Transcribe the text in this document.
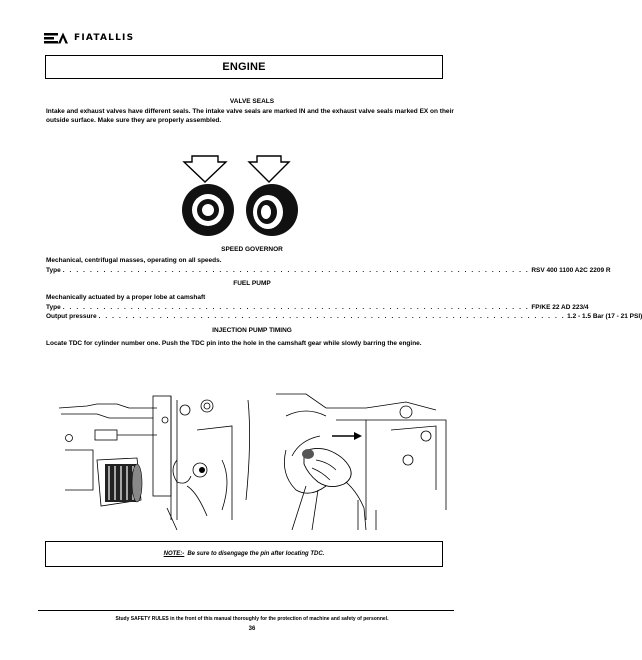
FIATALLIS
ENGINE
VALVE SEALS
Intake and exhaust valves have different seals. The intake valve seals are marked IN and the exhaust valve seals marked EX on their outside surface. Make sure they are properly assembled.
SPEED GOVERNOR
Mechanical, centrifugal masses, operating on all speeds.
Type . . . . . . . . . . . . . . . . . . . . . . . . . . . . . . . . . . . . . . . . . . . . . . . . . . . . . . . . . . . . . . . . . . . . . RSV 400 1100 A2C 2209 R
FUEL PUMP
Mechanically actuated by a proper lobe at camshaft
Type . . . . . . . . . . . . . . . . . . . . . . . . . . . . . . . . . . . . . . . . . . . . . . . . . . . . . . . . . . . . . . . . . . . . . FP/KE 22 AD 223/4
Output pressure . . . . . . . . . . . . . . . . . . . . . . . . . . . . . . . . . . . . . . . . . . . . . . . . . . . . . . . . . . . . . . . . . . . . . 1.2 - 1.5 Bar (17 - 21 PSI)
INJECTION PUMP TIMING
Locate TDC for cylinder number one. Push the TDC pin into the hole in the camshaft gear while slowly barring the engine.
NOTE:- Be sure to disengage the pin after locating TDC.
Study SAFETY RULES in the front of this manual thoroughly for the protection of machine and safety of personnel.
36
